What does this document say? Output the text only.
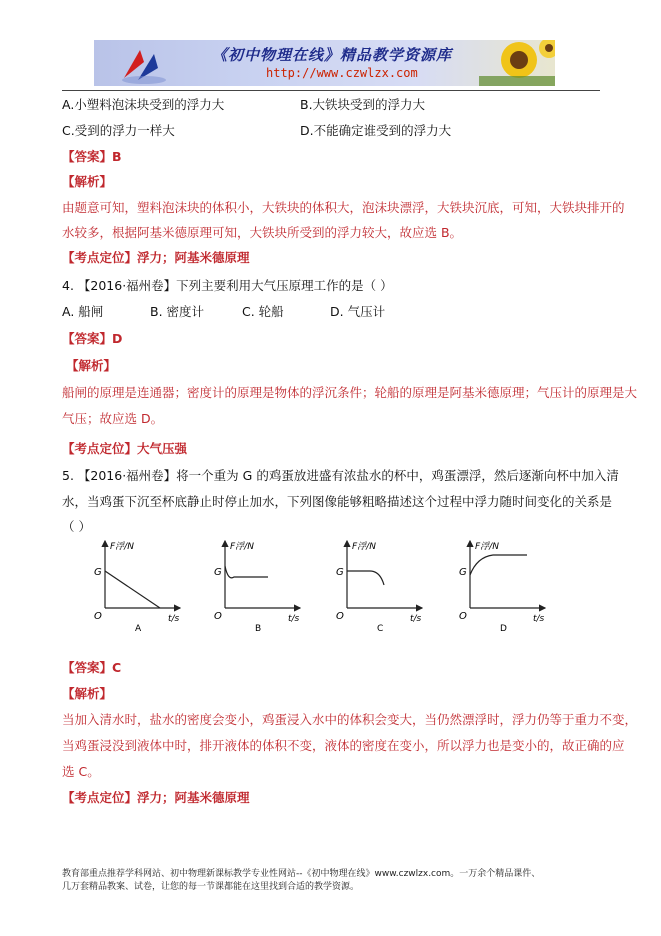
《初中物理在线》精品教学资源库
http://www.czwlzx.com
A.小塑料泡沫块受到的浮力大	B.大铁块受到的浮力大
C.受到的浮力一样大	D.不能确定谁受到的浮力大
【答案】B
【解析】
由题意可知，塑料泡沫块的体积小，大铁块的体积大，泡沫块漂浮，大铁块沉底，可知，大铁块排开的
水较多，根据阿基米德原理可知，大铁块所受到的浮力较大，故应选 B。
【考点定位】浮力；阿基米德原理
4. 【2016·福州卷】下列主要利用大气压原理工作的是（ ）
A. 船闸	B. 密度计	C. 轮船	D. 气压计
【答案】D
【解析】
船闸的原理是连通器；密度计的原理是物体的浮沉条件；轮船的原理是阿基米德原理；气压计的原理是大
气压；故应选 D。
【考点定位】大气压强
5. 【2016·福州卷】将一个重为 G 的鸡蛋放进盛有浓盐水的杯中，鸡蛋漂浮，然后逐渐向杯中加入清
水，当鸡蛋下沉至杯底静止时停止加水，下列图像能够粗略描述这个过程中浮力随时间变化的关系是
（ ）
F浮/N
G
O	t/s
A
F浮/N
G
O	t/s
B
F浮/N
G
O	t/s
C
F浮/N
G
O	t/s
D
【答案】C
【解析】
当加入清水时，盐水的密度会变小，鸡蛋浸入水中的体积会变大，当仍然漂浮时，浮力仍等于重力不变，
当鸡蛋浸没到液体中时，排开液体的体积不变，液体的密度在变小，所以浮力也是变小的，故正确的应
选 C。
【考点定位】浮力；阿基米德原理
教育部重点推荐学科网站、初中物理新课标教学专业性网站--《初中物理在线》www.czwlzx.com。一万余个精品课件、
几万套精品教案、试卷，让您的每一节课都能在这里找到合适的教学资源。
